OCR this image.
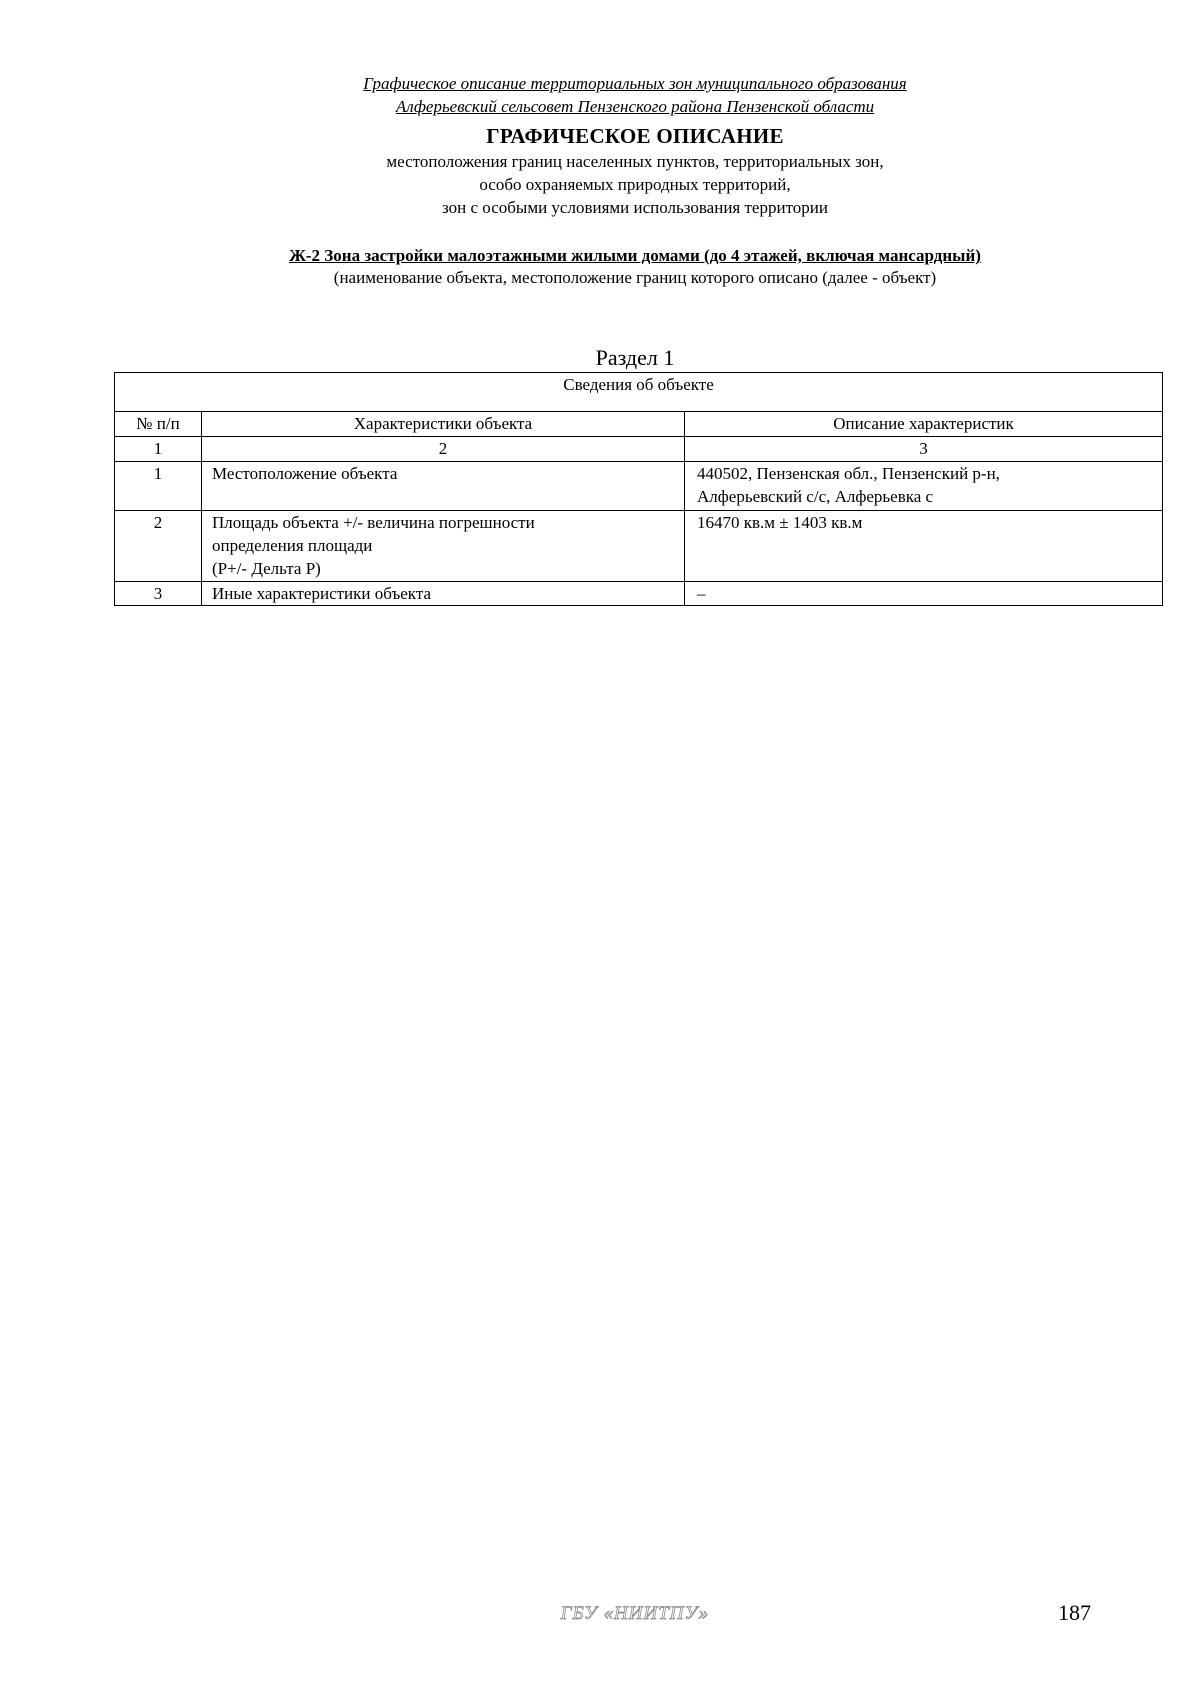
Графическое описание территориальных зон муниципального образования
Алферьевский сельсовет Пензенского района Пензенской области
ГРАФИЧЕСКОЕ ОПИСАНИЕ
местоположения границ населенных пунктов, территориальных зон,
особо охраняемых природных территорий,
зон с особыми условиями использования территории
Ж-2 Зона застройки малоэтажными жилыми домами (до 4 этажей, включая мансардный)
(наименование объекта, местоположение границ которого описано (далее - объект)
Раздел 1
Сведения об объекте		
№ п/п	Характеристики объекта	Описание характеристик
1	2	3
1	Местоположение объекта	440502, Пензенская обл., Пензенский р-н,
Алферьевский с/с, Алферьевка с

2	Площадь объекта +/- величина погрешности
определения площади
(Р+/- Дельта Р)	16470 кв.м ± 1403 кв.м

3	Иные характеристики объекта	–
ГБУ «НИИТПУ»	187
